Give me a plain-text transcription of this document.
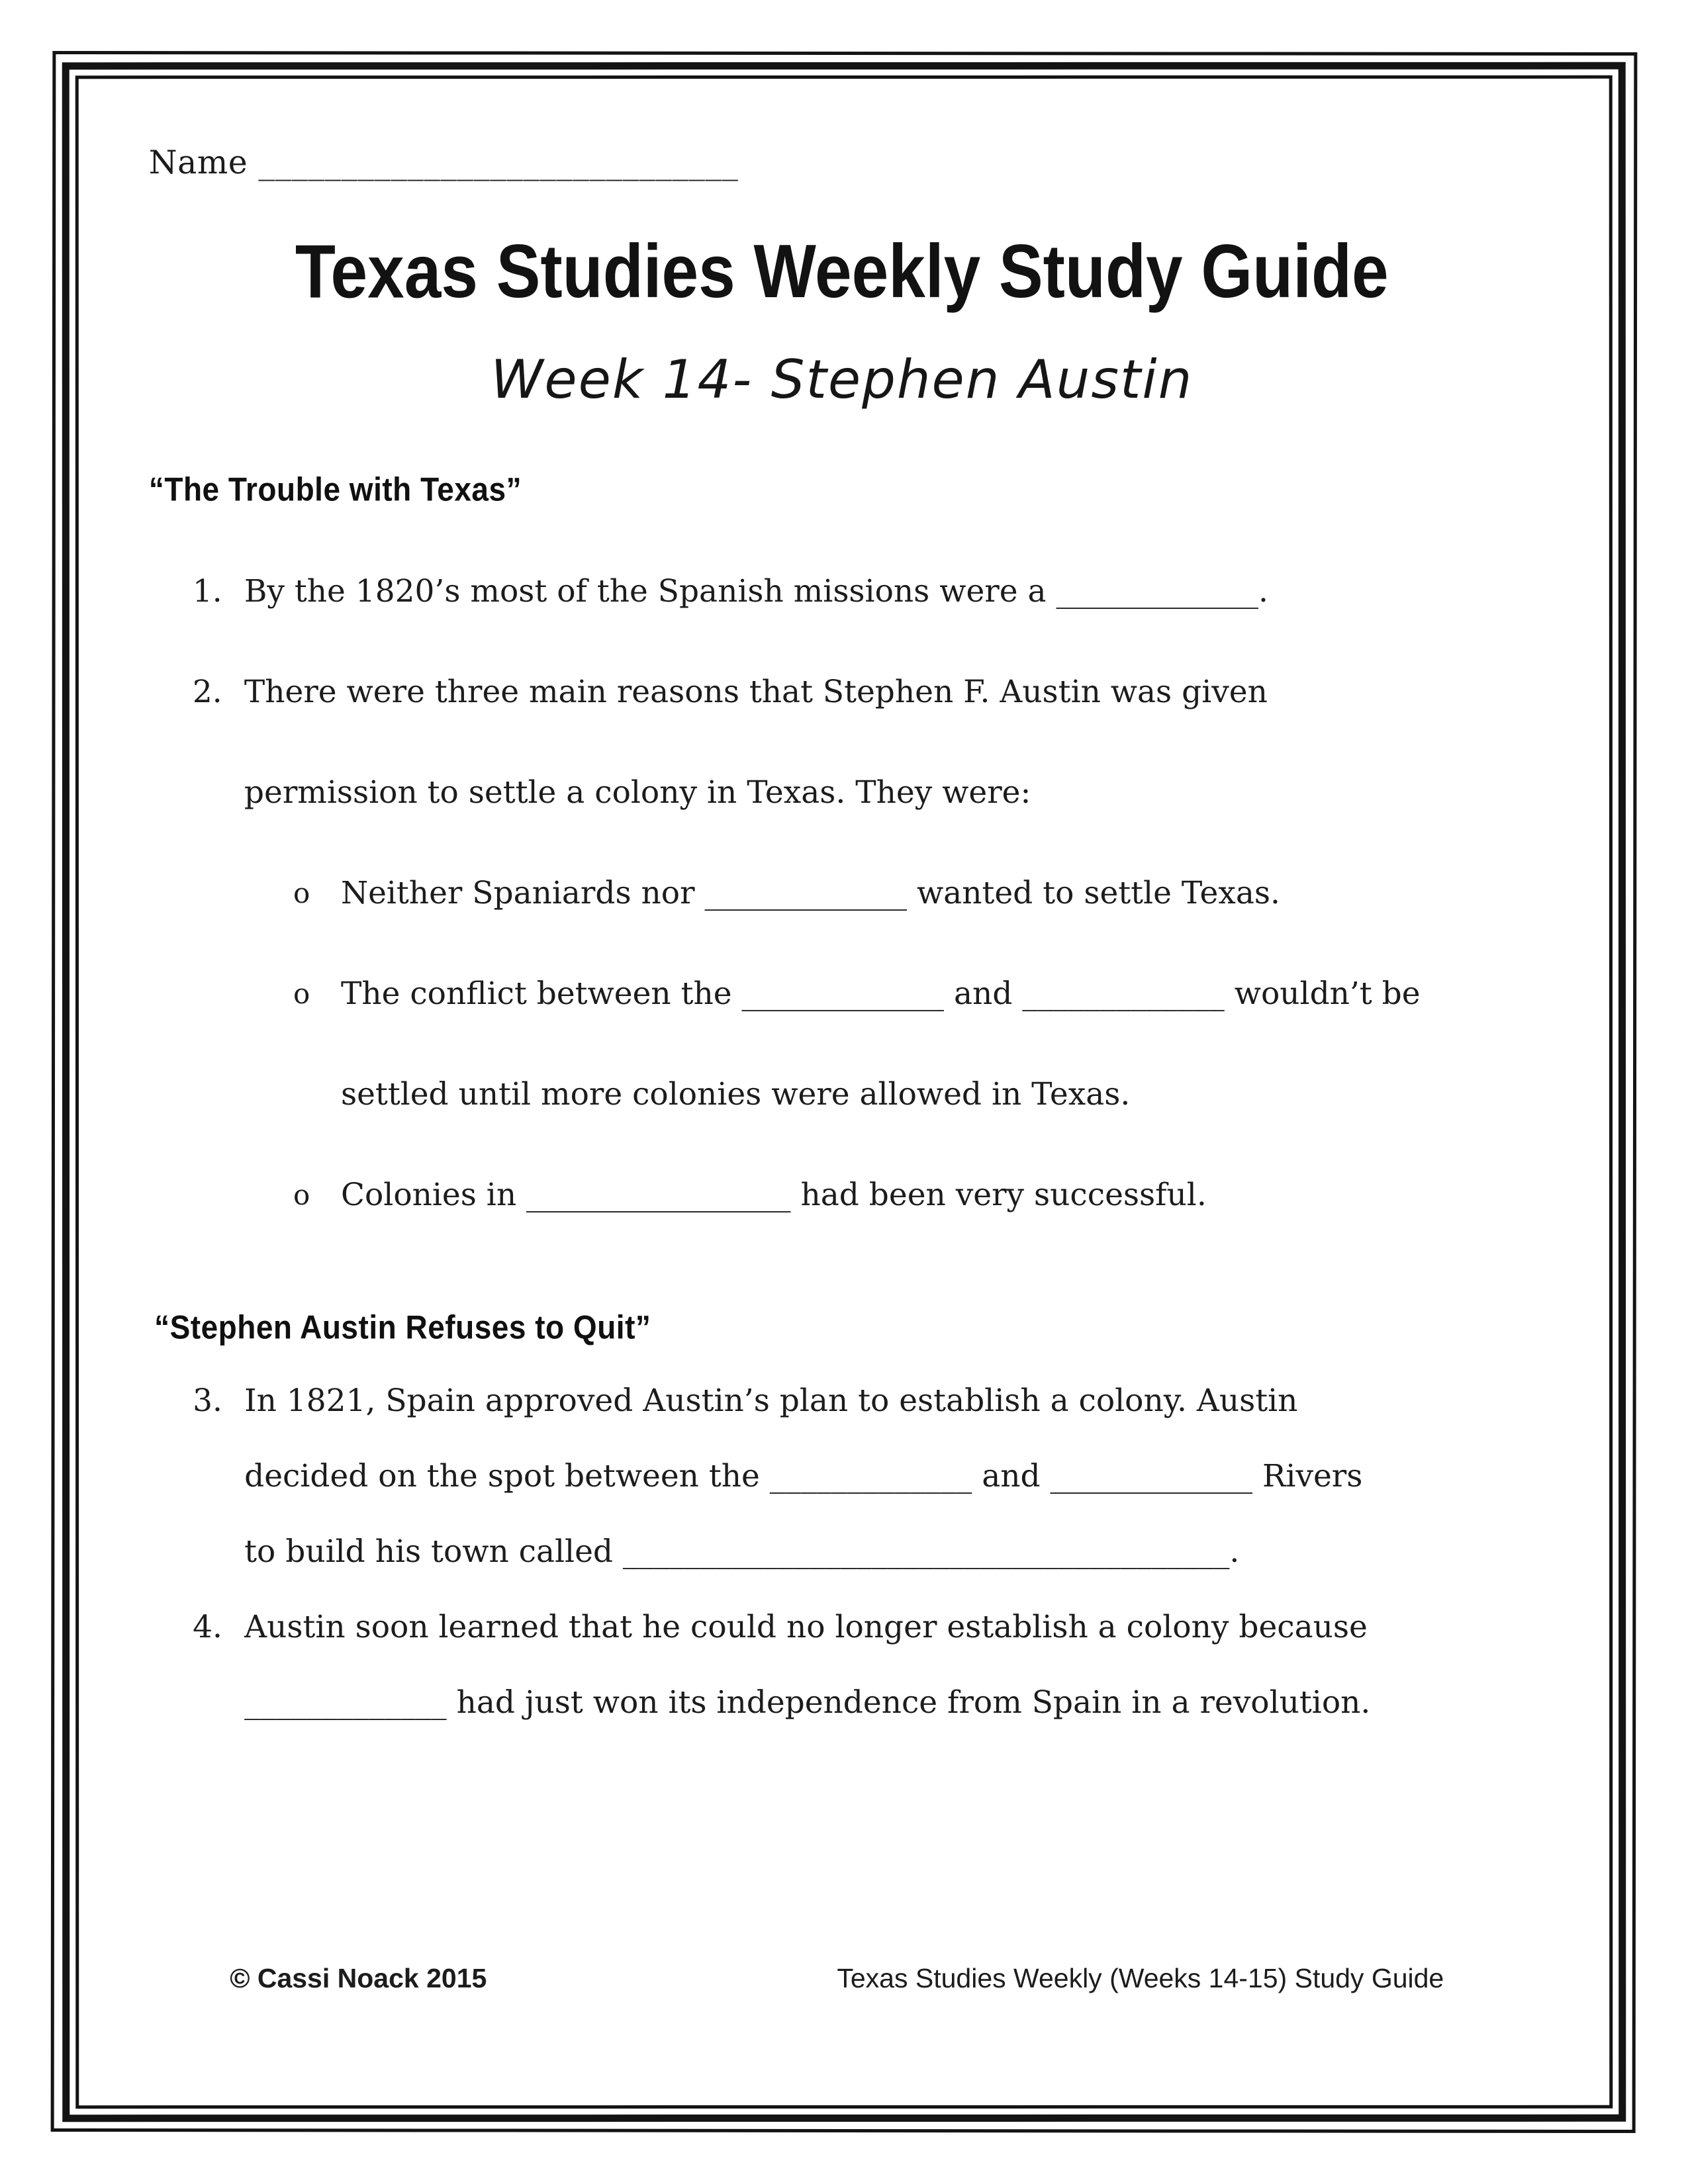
Name _____________________________
Texas Studies Weekly Study Guide
Week 14- Stephen Austin
“The Trouble with Texas”
1. By the 1820’s most of the Spanish missions were a _____________.
2. There were three main reasons that Stephen F. Austin was given permission to settle a colony in Texas. They were:
o Neither Spaniards nor _____________ wanted to settle Texas.
o The conflict between the _____________ and _____________ wouldn’t be settled until more colonies were allowed in Texas.
o Colonies in _________________ had been very successful.
“Stephen Austin Refuses to Quit”
3. In 1821, Spain approved Austin’s plan to establish a colony. Austin decided on the spot between the _____________ and _____________ Rivers to build his town called _______________________________________.
4. Austin soon learned that he could no longer establish a colony because _____________ had just won its independence from Spain in a revolution.
© Cassi Noack 2015	Texas Studies Weekly (Weeks 14-15) Study Guide
